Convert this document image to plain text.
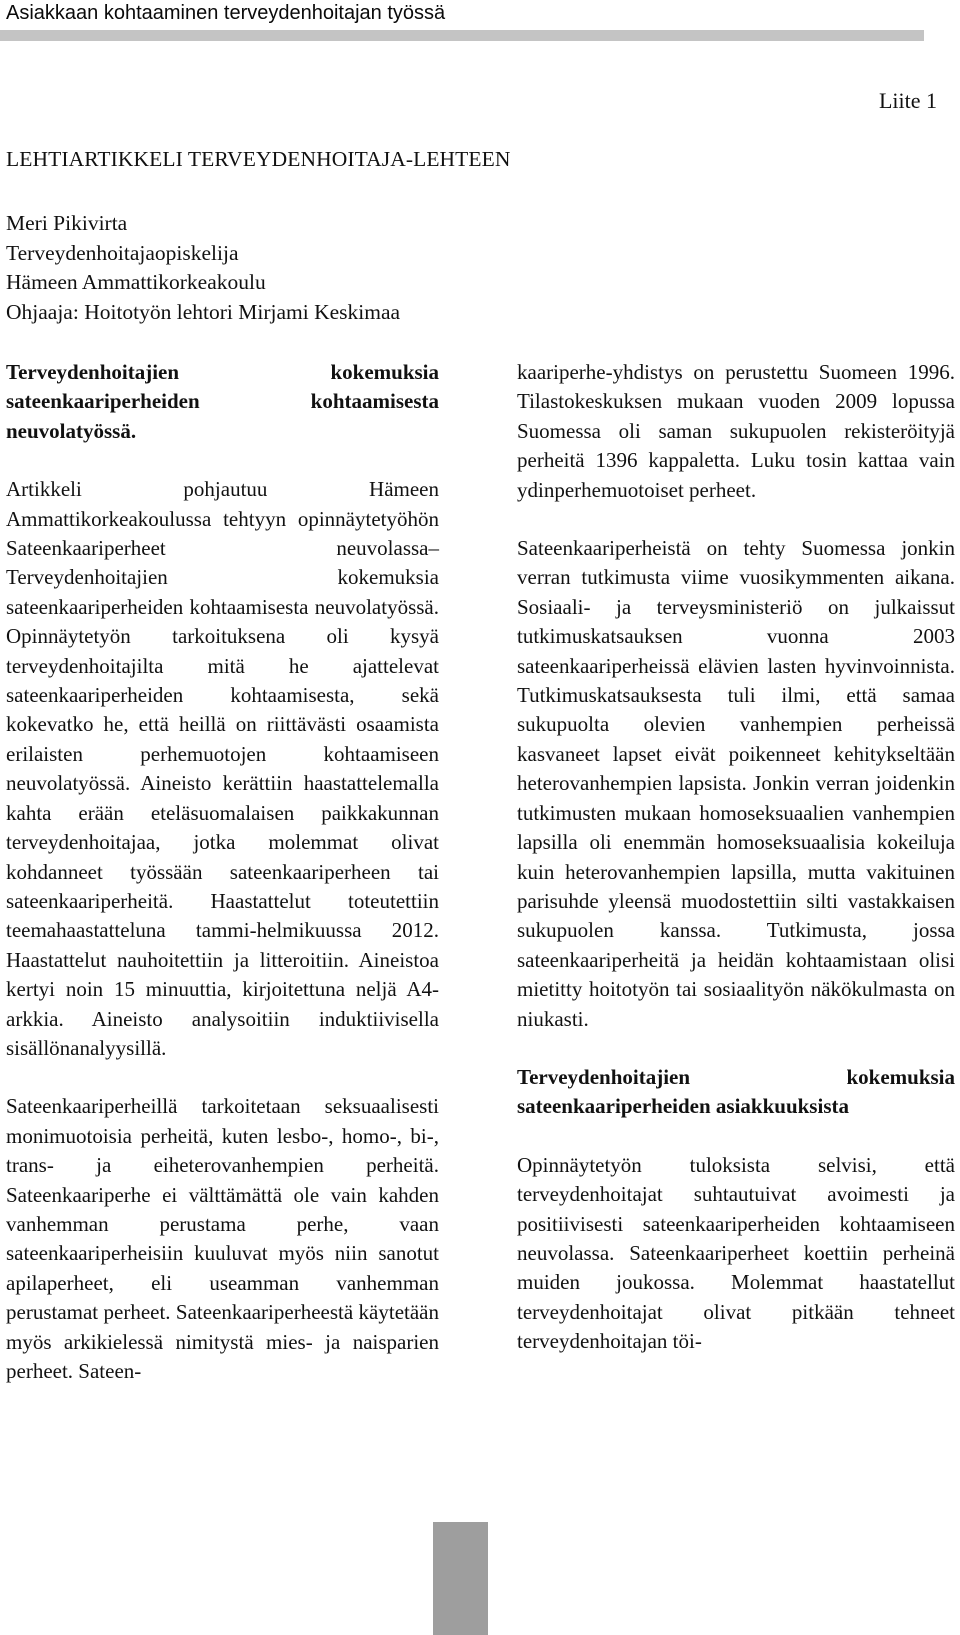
Asiakkaan kohtaaminen terveydenhoitajan työssä
Liite 1
LEHTIARTIKKELI TERVEYDENHOITAJA-LEHTEEN
Meri Pikivirta
Terveydenhoitajaopiskelija
Hämeen Ammattikorkeakoulu
Ohjaaja: Hoitotyön lehtori Mirjami Keskimaa
Terveydenhoitajien kokemuksia sateenkaariperheiden kohtaamisesta neuvolatyössä.

Artikkeli pohjautuu Hämeen Ammattikorkeakoulussa tehtyyn opinnäytetyöhön Sateenkaariperheet neuvolassa– Terveydenhoitajien kokemuksia sateenkaariperheiden kohtaamisesta neuvolatyössä. Opinnäytetyön tarkoituksena oli kysyä terveydenhoitajilta mitä he ajattelevat sateenkaariperheiden kohtaamisesta, sekä kokevatko he, että heillä on riittävästi osaamista erilaisten perhemuotojen kohtaamiseen neuvolatyössä. Aineisto kerättiin haastattelemalla kahta erään eteläsuomalaisen paikkakunnan terveydenhoitajaa, jotka molemmat olivat kohdanneet työssään sateenkaariperheen tai sateenkaariperheitä. Haastattelut toteutettiin teemahaastatteluna tammi-helmikuussa 2012. Haastattelut nauhoitettiin ja litteroitiin. Aineistoa kertyi noin 15 minuuttia, kirjoitettuna neljä A4-arkkia. Aineisto analysoitiin induktiivisella sisällönanalyysillä.

Sateenkaariperheillä tarkoitetaan seksuaalisesti monimuotoisia perheitä, kuten lesbo-, homo-, bi-, trans- ja eiheterovanhempien perheitä. Sateenkaariperhe ei välttämättä ole vain kahden vanhemman perustama perhe, vaan sateenkaariperheisiin kuuluvat myös niin sanotut apilaperheet, eli useamman vanhemman perustamat perheet. Sateenkaariperheestä käytetään myös arkikielessä nimitystä mies- ja naisparien perheet. Sateen-

kaariperhe-yhdistys on perustettu Suomeen 1996. Tilastokeskuksen mukaan vuoden 2009 lopussa Suomessa oli saman sukupuolen rekisteröityjä perheitä 1396 kappaletta. Luku tosin kattaa vain ydinperhemuotoiset perheet.

Sateenkaariperheistä on tehty Suomessa jonkin verran tutkimusta viime vuosikymmenten aikana. Sosiaali- ja terveysministeriö on julkaissut tutkimuskatsauksen vuonna 2003 sateenkaariperheissä elävien lasten hyvinvoinnista. Tutkimuskatsauksesta tuli ilmi, että samaa sukupuolta olevien vanhempien perheissä kasvaneet lapset eivät poikenneet kehitykseltään heterovanhempien lapsista. Jonkin verran joidenkin tutkimusten mukaan homoseksuaalien vanhempien lapsilla oli enemmän homoseksuaalisia kokeiluja kuin heterovanhempien lapsilla, mutta vakituinen parisuhde yleensä muodostettiin silti vastakkaisen sukupuolen kanssa. Tutkimusta, jossa sateenkaariperheitä ja heidän kohtaamistaan olisi mietitty hoitotyön tai sosiaalityön näkökulmasta on niukasti.

Terveydenhoitajien kokemuksia sateenkaariperheiden asiakkuuksista

Opinnäytetyön tuloksista selvisi, että terveydenhoitajat suhtautuivat avoimesti ja positiivisesti sateenkaariperheiden kohtaamiseen neuvolassa. Sateenkaariperheet koettiin perheinä muiden joukossa. Molemmat haastatellut terveydenhoitajat olivat pitkään tehneet terveydenhoitajan töi-
